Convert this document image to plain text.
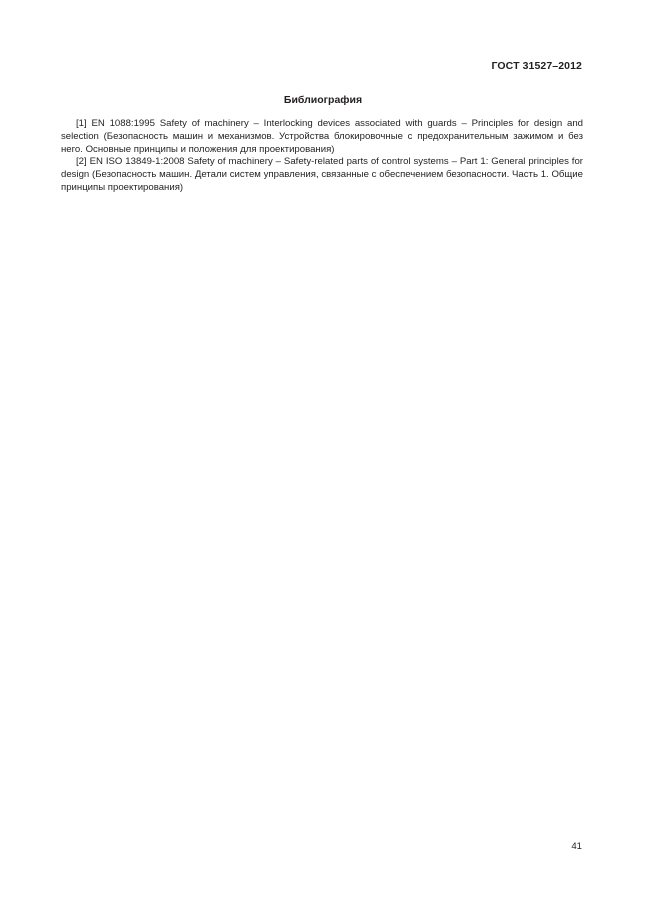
ГОСТ 31527–2012
Библиография

[1] EN 1088:1995 Safety of machinery – Interlocking devices associated with guards – Principles for design and selection (Безопасность машин и механизмов. Устройства блокировочные с предохранительным зажимом и без него. Основные принципы и положения для проектирования)

[2] EN ISO 13849-1:2008 Safety of machinery – Safety-related parts of control systems – Part 1: General principles for design (Безопасность машин. Детали систем управления, связанные с обеспечением безопасности. Часть 1. Общие принципы проектирования)

41
